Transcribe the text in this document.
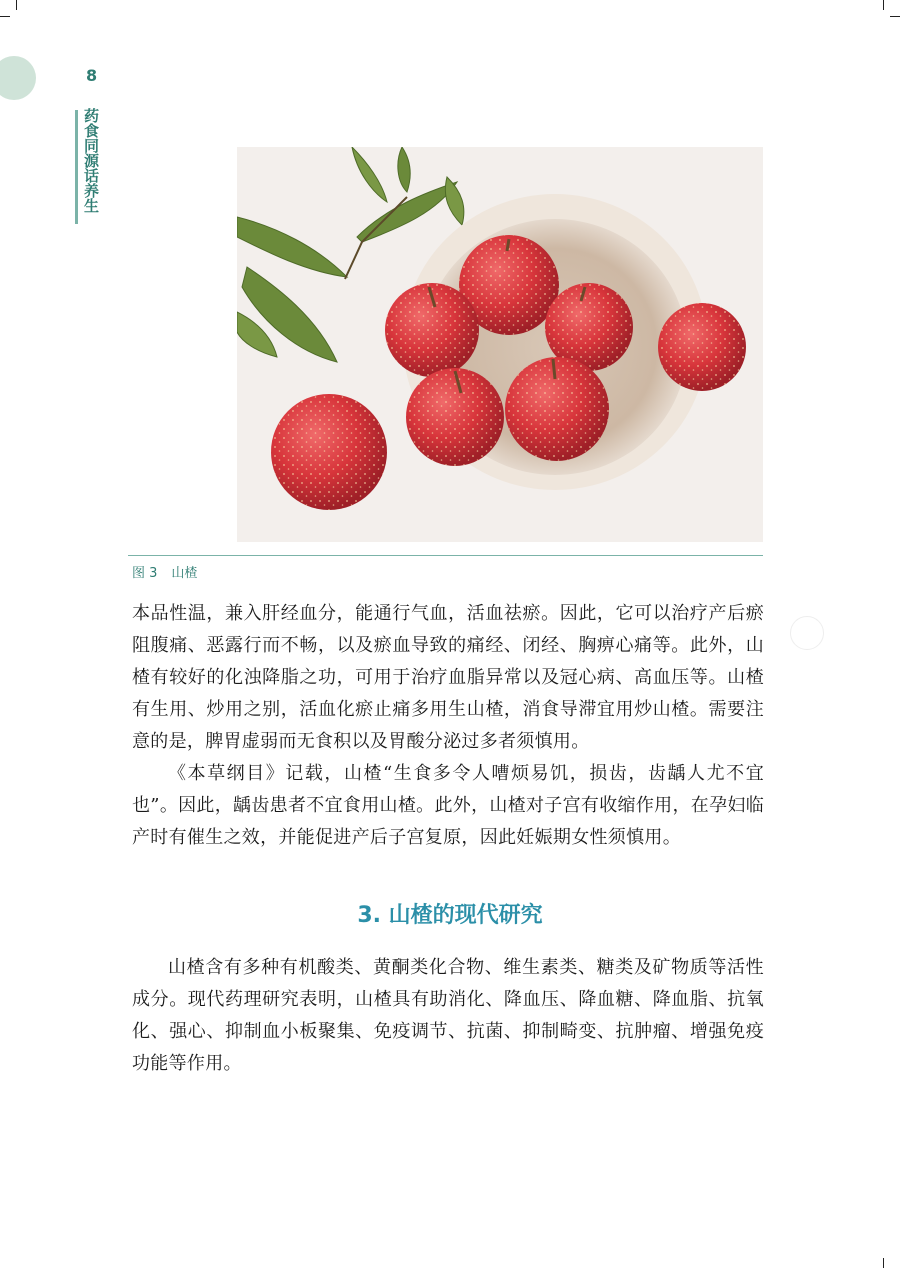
8
药食同源话养生
图 3 山楂

本品性温，兼入肝经血分，能通行气血，活血祛瘀。因此，它可以治疗产后瘀阻腹痛、恶露行而不畅，以及瘀血导致的痛经、闭经、胸痹心痛等。此外，山楂有较好的化浊降脂之功，可用于治疗血脂异常以及冠心病、高血压等。山楂有生用、炒用之别，活血化瘀止痛多用生山楂，消食导滞宜用炒山楂。需要注意的是，脾胃虚弱而无食积以及胃酸分泌过多者须慎用。

《本草纲目》记载，山楂“生食多令人嘈烦易饥，损齿，齿龋人尤不宜也”。因此，龋齿患者不宜食用山楂。此外，山楂对子宫有收缩作用，在孕妇临产时有催生之效，并能促进产后子宫复原，因此妊娠期女性须慎用。

3. 山楂的现代研究

山楂含有多种有机酸类、黄酮类化合物、维生素类、糖类及矿物质等活性成分。现代药理研究表明，山楂具有助消化、降血压、降血糖、降血脂、抗氧化、强心、抑制血小板聚集、免疫调节、抗菌、抑制畸变、抗肿瘤、增强免疫功能等作用。
